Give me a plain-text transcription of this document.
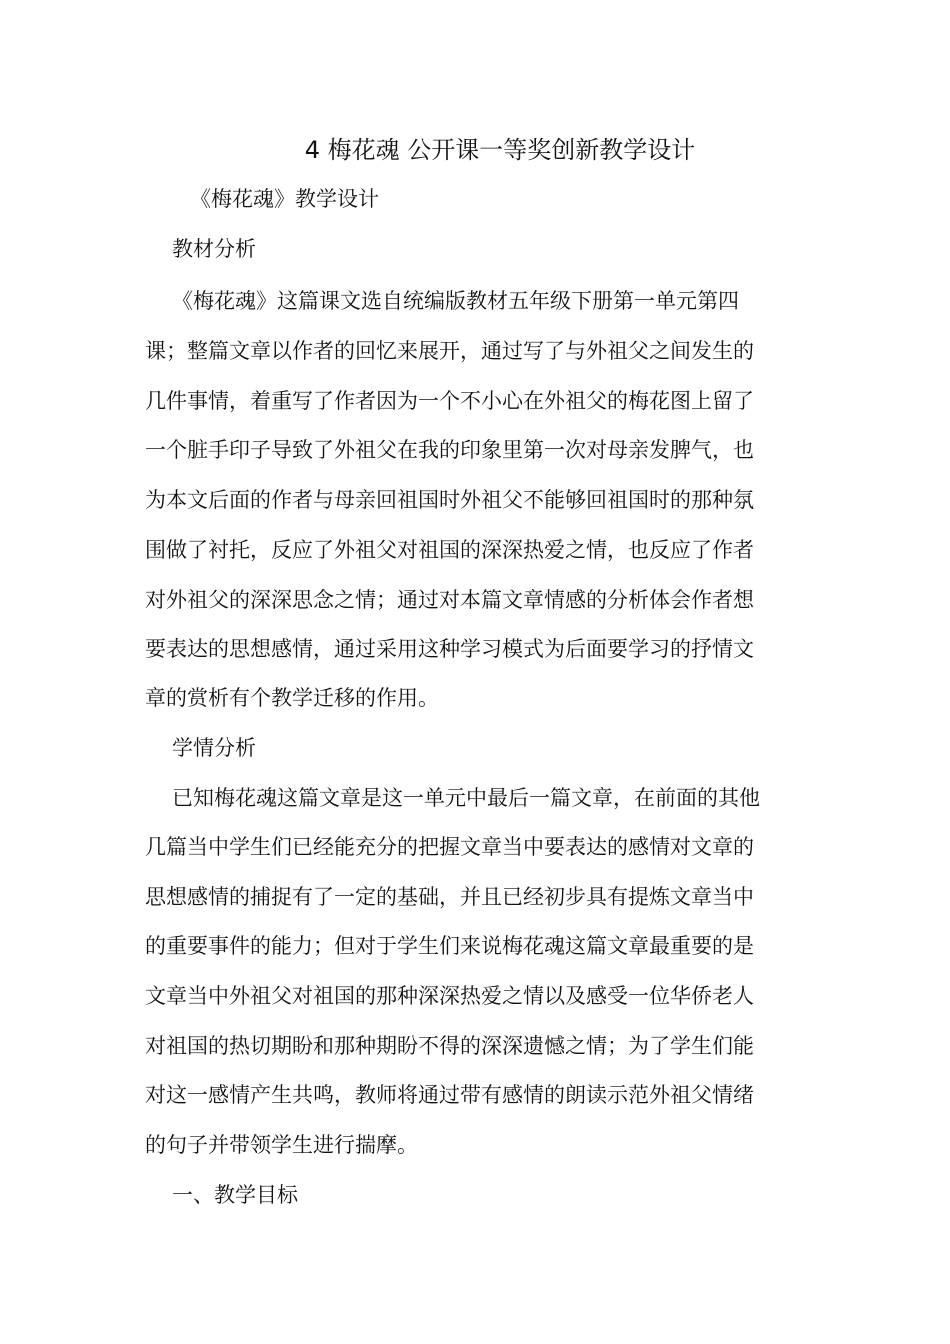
4 梅花魂 公开课一等奖创新教学设计
《梅花魂》教学设计
教材分析
《梅花魂》这篇课文选自统编版教材五年级下册第一单元第四
课；整篇文章以作者的回忆来展开，通过写了与外祖父之间发生的
几件事情，着重写了作者因为一个不小心在外祖父的梅花图上留了
一个脏手印子导致了外祖父在我的印象里第一次对母亲发脾气，也
为本文后面的作者与母亲回祖国时外祖父不能够回祖国时的那种氛
围做了衬托，反应了外祖父对祖国的深深热爱之情，也反应了作者
对外祖父的深深思念之情；通过对本篇文章情感的分析体会作者想
要表达的思想感情，通过采用这种学习模式为后面要学习的抒情文
章的赏析有个教学迁移的作用。
学情分析
已知梅花魂这篇文章是这一单元中最后一篇文章，在前面的其他
几篇当中学生们已经能充分的把握文章当中要表达的感情对文章的
思想感情的捕捉有了一定的基础，并且已经初步具有提炼文章当中
的重要事件的能力；但对于学生们来说梅花魂这篇文章最重要的是
文章当中外祖父对祖国的那种深深热爱之情以及感受一位华侨老人
对祖国的热切期盼和那种期盼不得的深深遗憾之情；为了学生们能
对这一感情产生共鸣，教师将通过带有感情的朗读示范外祖父情绪
的句子并带领学生进行揣摩。
一、教学目标
